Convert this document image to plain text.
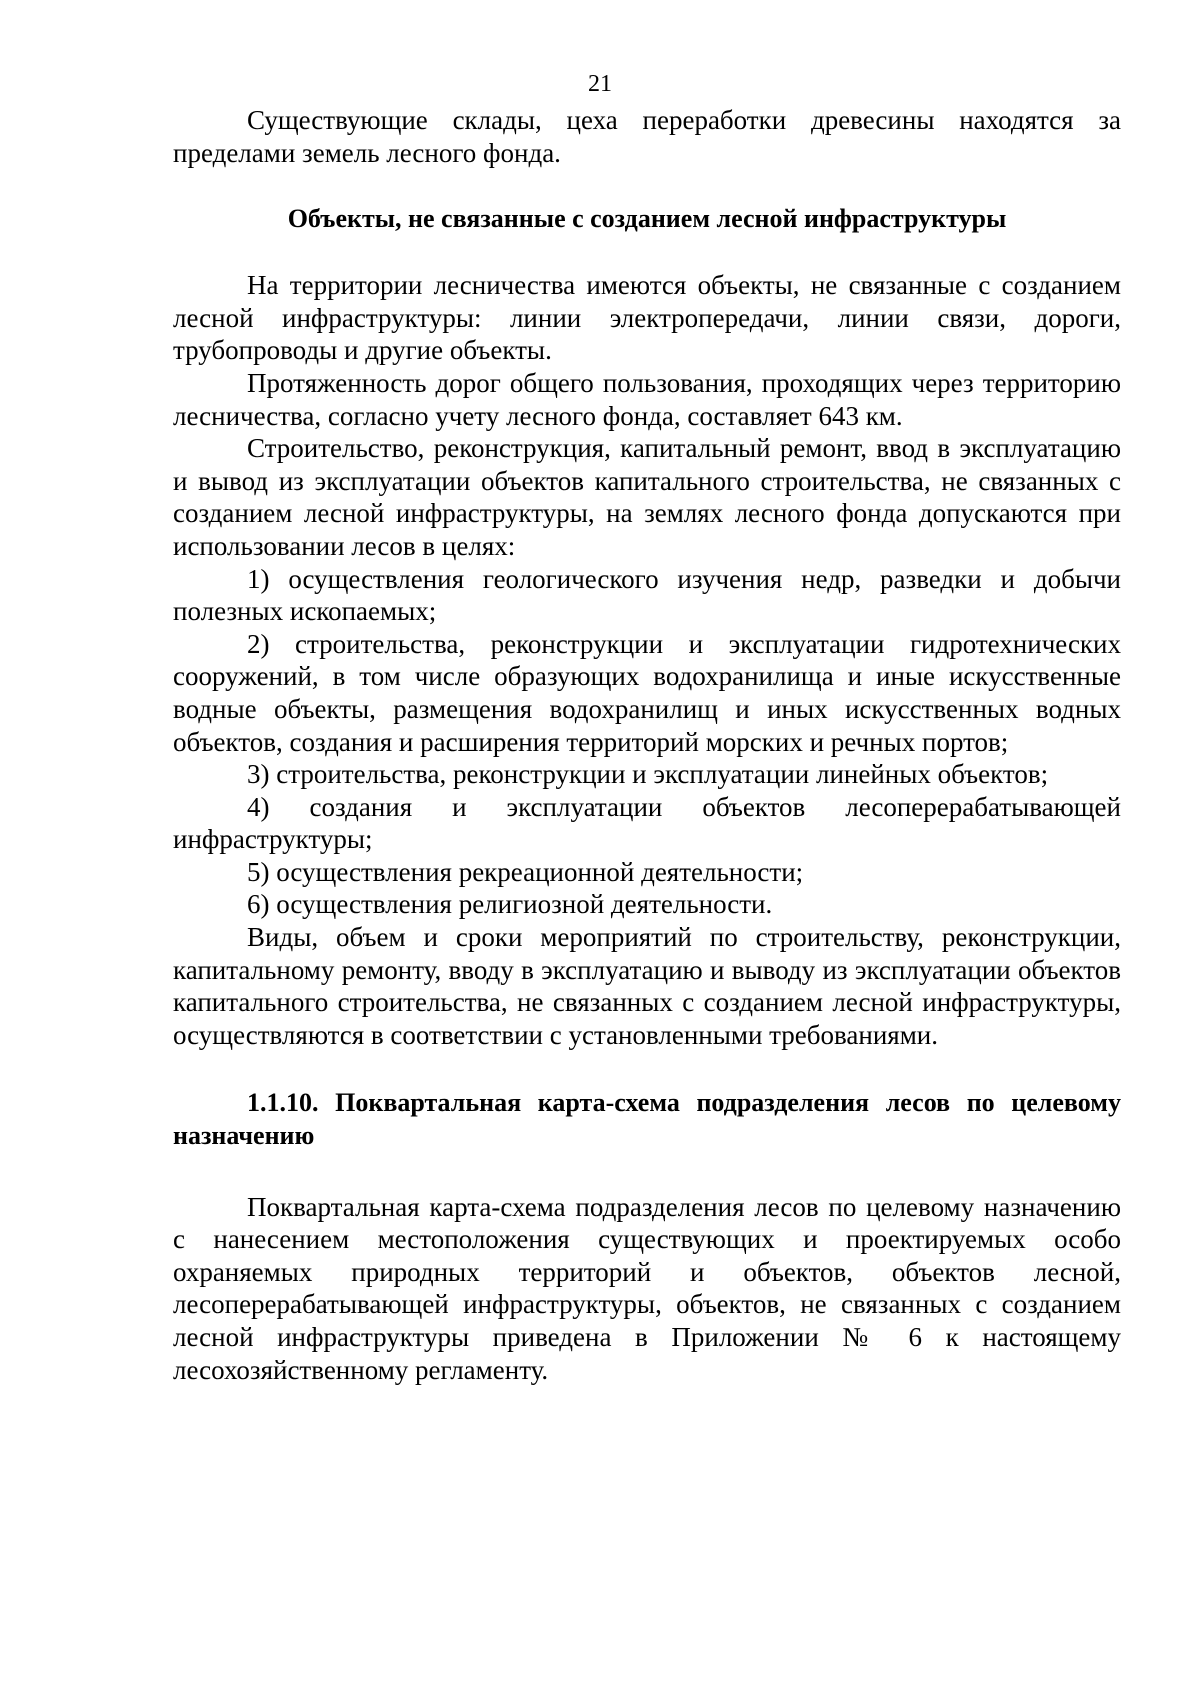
21

Существующие склады, цеха переработки древесины находятся за пределами земель лесного фонда.

Объекты, не связанные с созданием лесной инфраструктуры

На территории лесничества имеются объекты, не связанные с созданием лесной инфраструктуры: линии электропередачи, линии связи, дороги, трубопроводы и другие объекты.

Протяженность дорог общего пользования, проходящих через территорию лесничества, согласно учету лесного фонда, составляет 643 км.

Строительство, реконструкция, капитальный ремонт, ввод в эксплуатацию и вывод из эксплуатации объектов капитального строительства, не связанных с созданием лесной инфраструктуры, на землях лесного фонда допускаются при использовании лесов в целях:

1) осуществления геологического изучения недр, разведки и добычи полезных ископаемых;

2) строительства, реконструкции и эксплуатации гидротехнических сооружений, в том числе образующих водохранилища и иные искусственные водные объекты, размещения водохранилищ и иных искусственных водных объектов, создания и расширения территорий морских и речных портов;

3) строительства, реконструкции и эксплуатации линейных объектов;

4) создания и эксплуатации объектов лесоперерабатывающей инфраструктуры;

5) осуществления рекреационной деятельности;

6) осуществления религиозной деятельности.

Виды, объем и сроки мероприятий по строительству, реконструкции, капитальному ремонту, вводу в эксплуатацию и выводу из эксплуатации объектов капитального строительства, не связанных с созданием лесной инфраструктуры, осуществляются в соответствии с установленными требованиями.

1.1.10. Поквартальная карта-схема подразделения лесов по целевому назначению

Поквартальная карта-схема подразделения лесов по целевому назначению с нанесением местоположения существующих и проектируемых особо охраняемых природных территорий и объектов, объектов лесной, лесоперерабатывающей инфраструктуры, объектов, не связанных с созданием лесной инфраструктуры приведена в Приложении № 6 к настоящему лесохозяйственному регламенту.
